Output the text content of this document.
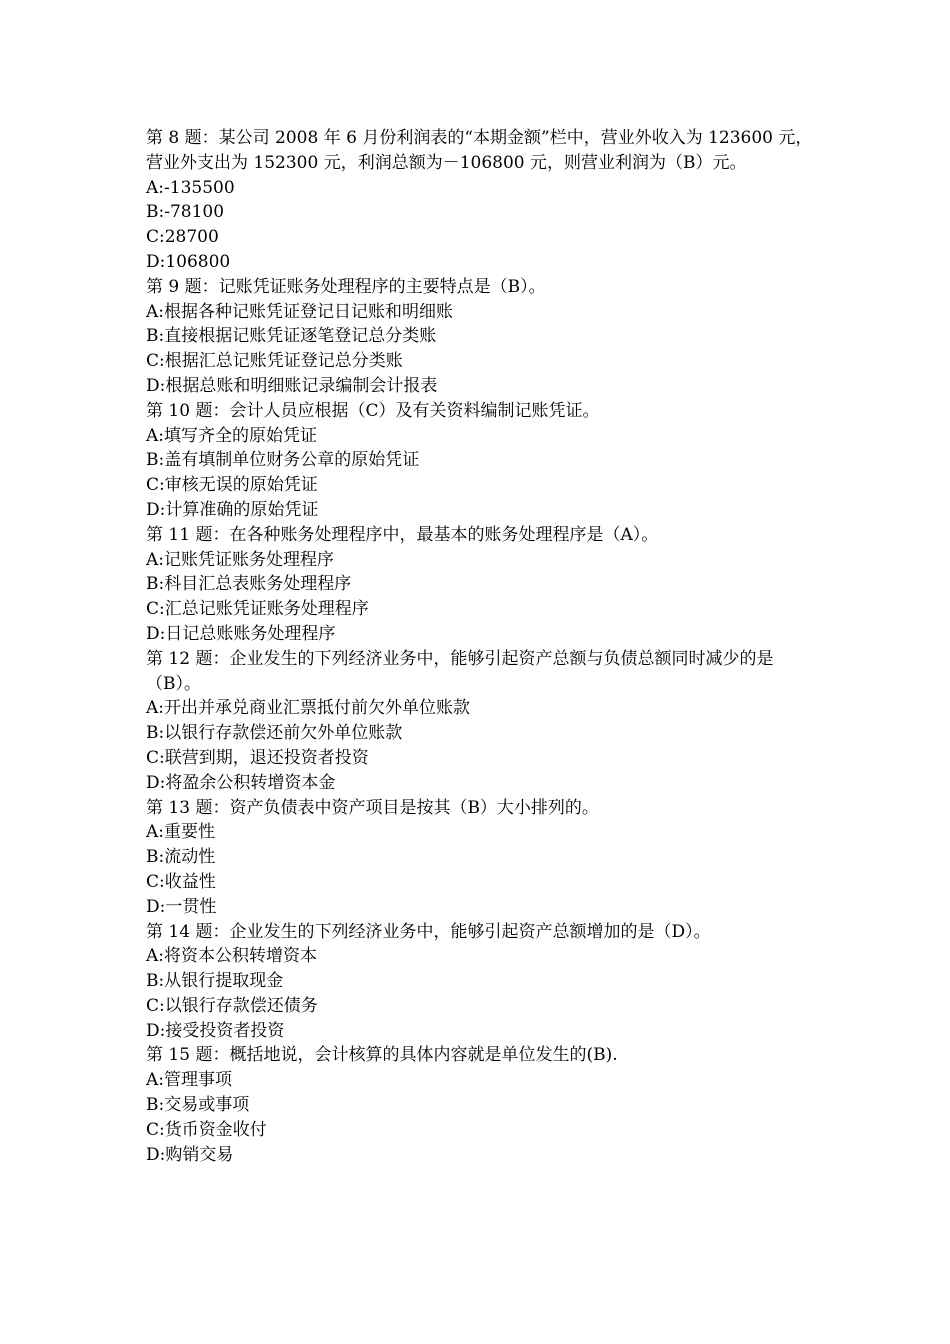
第 8 题：某公司 2008 年 6 月份利润表的“本期金额”栏中，营业外收入为 123600 元，营业外支出为 152300 元，利润总额为－106800 元，则营业利润为（B）元。

A:-135500

B:-78100

C:28700

D:106800

第 9 题：记账凭证账务处理程序的主要特点是（B）。

A:根据各种记账凭证登记日记账和明细账

B:直接根据记账凭证逐笔登记总分类账

C:根据汇总记账凭证登记总分类账

D:根据总账和明细账记录编制会计报表

第 10 题：会计人员应根据（C）及有关资料编制记账凭证。

A:填写齐全的原始凭证

B:盖有填制单位财务公章的原始凭证

C:审核无误的原始凭证

D:计算准确的原始凭证

第 11 题：在各种账务处理程序中，最基本的账务处理程序是（A）。

A:记账凭证账务处理程序

B:科目汇总表账务处理程序

C:汇总记账凭证账务处理程序

D:日记总账账务处理程序

第 12 题：企业发生的下列经济业务中，能够引起资产总额与负债总额同时减少的是（B）。

A:开出并承兑商业汇票抵付前欠外单位账款

B:以银行存款偿还前欠外单位账款

C:联营到期，退还投资者投资

D:将盈余公积转增资本金

第 13 题：资产负债表中资产项目是按其（B）大小排列的。

A:重要性

B:流动性

C:收益性

D:一贯性

第 14 题：企业发生的下列经济业务中，能够引起资产总额增加的是（D）。

A:将资本公积转增资本

B:从银行提取现金

C:以银行存款偿还债务

D:接受投资者投资

第 15 题：概括地说，会计核算的具体内容就是单位发生的(B).

A:管理事项

B:交易或事项

C:货币资金收付

D:购销交易
